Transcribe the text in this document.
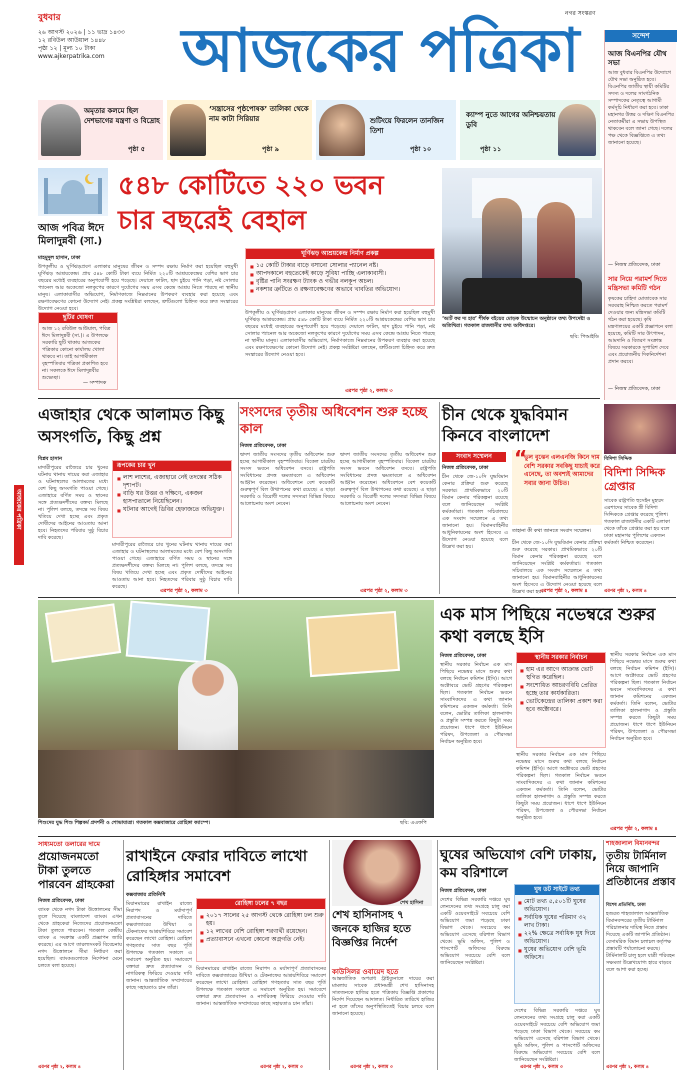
বুধবার
২৬ আগস্ট ২০২৬ | ১১ ভাদ্র ১৪৩৩
১২ রবিউল আউয়াল ১৪৪৮
পৃষ্ঠা ১২ | মূল্য ১০ টাকা
www.ajkerpatrika.com	আজকের পত্রিকা
নগর সংস্করণ
অমৃতার কলমে ছিল দেশভাগের যন্ত্রণা ও বিদ্রোহ
পৃষ্ঠা ৫
‘সন্ত্রাসের পৃষ্ঠপোষক’ তালিকা থেকে নাম কাটা সিরিয়ার
পৃষ্ঠা ৯
শুটিংয়ে ফিরলেন তানজিন তিশা
পৃষ্ঠা ১০
ক্যাম্প নুতে আগের অনিশ্চয়তায় ডুবি
পৃষ্ঠা ১১
সন্দেশ
আজ বিএনপির যৌথ সভা
আজ বুধবার বিএনপির উদ্যোগে যৌথ সভা অনুষ্ঠিত হবে। বিএনপির জাতীয় স্থায়ী কমিটির সদস্য ও দলের সাংগঠনিক সম্পাদকের নেতৃত্বে আগামী কর্মসূচি নির্ধারণ করা হবে। ঢাকা মহানগর উত্তর ও দক্ষিণ বিএনপির নেতাকর্মীরা এ সভায় উপস্থিত থাকবেন বলে জানা গেছে। দলের পক্ষ থেকে বিজ্ঞপ্তিতে এ তথ্য জানানো হয়েছে।
— নিজস্ব প্রতিবেদক, ঢাকা
সার নিয়ে পরামর্শ দিতে মন্ত্রিসভা কমিটি গঠন
কৃষকের চাহিদা মোতাবেক সার সরবরাহ নিশ্চিত করতে পরামর্শ দেওয়ার জন্য মন্ত্রিসভা কমিটি গঠন করা হয়েছে। কৃষি মন্ত্রণালয়ের একটি প্রজ্ঞাপনে বলা হয়েছে, কমিটি সার উৎপাদন, আমদানি ও বিতরণ সংক্রান্ত বিষয়ে সরকারকে সুপারিশ দেবে এবং প্রয়োজনীয় দিকনির্দেশনা প্রদান করবে।
— নিজস্ব প্রতিবেদক, ঢাকা
আজকের পত্রিকা
আজ পবিত্র ঈদে মিলাদুন্নবী (সা.)
৫৪৮ কোটিতে ২২০ ভবন
চার বছরেই বেহাল
ঘূর্ণিঝড় আশ্রয়কেন্দ্র নির্মাণ প্রকল্প
■ ১৫ কোটি টাকার বাড়ে বসানো সোলার প্যানেল নষ্ট।
■ আপদকালে বহুতেকেই কাড়ে সুবিধা পাচ্ছি এলাকাবাসী।
■ বৃষ্টির পানি সংরক্ষণ ট্যাংক ও গভীর নলকূপ অচল।
■ নকশার ত্রুটিতে ও রক্ষণাবেক্ষণের অভাবে খাবতির অভিযোগ।
মাহমুদুল হাসান, ঢাকা
উপকূলীয় ও ঘূর্ণিঝড়প্রবণ এলাকার মানুষের জীবন ও সম্পদ রক্ষায় নির্মাণ করা হয়েছিল বহুমুখী ঘূর্ণিঝড় আশ্রয়কেন্দ্র। প্রায় ৫৪৮ কোটি টাকা ব্যয়ে নির্মিত ২২০টি আশ্রয়কেন্দ্রের বেশির ভাগ চার বছরের মধ্যেই ব্যবহারের অনুপযোগী হয়ে পড়েছে। দেয়ালে ফাটল, ছাদ চুইয়ে পানি পড়া, নষ্ট সোলার প্যানেল আর অকেজো নলকূপের কারণে দুর্যোগের সময় এসব কেন্দ্রে আশ্রয় নিতে পারছে না স্থানীয় মানুষ। এলাকাবাসীর অভিযোগ, নির্মাণকাজে নিম্নমানের উপকরণ ব্যবহার করা হয়েছে এবং রক্ষণাবেক্ষণের কোনো উদ্যোগ নেই। প্রকল্প সংশ্লিষ্টরা বলছেন, ত্রুটিগুলো চিহ্নিত করে দ্রুত সংস্কারের উদ্যোগ নেওয়া হবে।
উপকূলীয় ও ঘূর্ণিঝড়প্রবণ এলাকার মানুষের জীবন ও সম্পদ রক্ষায় নির্মাণ করা হয়েছিল বহুমুখী ঘূর্ণিঝড় আশ্রয়কেন্দ্র। প্রায় ৫৪৮ কোটি টাকা ব্যয়ে নির্মিত ২২০টি আশ্রয়কেন্দ্রের বেশির ভাগ চার বছরের মধ্যেই ব্যবহারের অনুপযোগী হয়ে পড়েছে। দেয়ালে ফাটল, ছাদ চুইয়ে পানি পড়া, নষ্ট সোলার প্যানেল আর অকেজো নলকূপের কারণে দুর্যোগের সময় এসব কেন্দ্রে আশ্রয় নিতে পারছে না স্থানীয় মানুষ। এলাকাবাসীর অভিযোগ, নির্মাণকাজে নিম্নমানের উপকরণ ব্যবহার করা হয়েছে এবং রক্ষণাবেক্ষণের কোনো উদ্যোগ নেই। প্রকল্প সংশ্লিষ্টরা বলছেন, ত্রুটিগুলো চিহ্নিত করে দ্রুত সংস্কারের উদ্যোগ নেওয়া হবে।
এরপর পৃষ্ঠা ২, কলাম ৩
ছুটির ঘোষণা
আজ ১২ রবিউল আউয়াল, পবিত্র ঈদে মিলাদুন্নবী (সা.)। এ উপলক্ষে সরকারি ছুটি থাকায় আজকের পত্রিকার কোনো কার্যালয় খোলা থাকবে না। তাই আগামীকাল বৃহস্পতিবার পত্রিকা প্রকাশিত হবে না। সকলকে ঈদে মিলাদুন্নবীর শুভেচ্ছা।
— সম্পাদক
‘আর্ট ফর দ্য হার’ শীর্ষক বইয়ের মোড়ক উন্মোচন অনুষ্ঠানে তথ্য উপদেষ্টা ও অতিথিরা। গতকাল রাজধানীর তথ্য অধিদপ্তরে।
ছবি: পিআইডি
বিদিশা সিদ্দিক
এজাহার থেকে আলামত কিছু অসংগতি, কিছু প্রশ্ন
বিপ্লব হাসান
মাদারীপুরের রাজৈরে চার খুনের ঘটনায় থানায় দায়ের করা এজাহার ও ঘটনাস্থলের আলামতের মধ্যে বেশ কিছু অসংগতি পাওয়া গেছে। এজাহারে বর্ণিত সময় ও স্থানের সঙ্গে প্রত্যক্ষদর্শীদের বক্তব্য মিলছে না। পুলিশ বলছে, তদন্তে সব বিষয় খতিয়ে দেখা হচ্ছে এবং প্রকৃত দোষীদের আইনের আওতায় আনা হবে। নিহতদের পরিবার সুষ্ঠু বিচার দাবি করেছে।
রূপকের চার খুন
■ লাশ লাশের, এজাহারে নেই তদন্তের সঠিক দৃশ্যপট।
■ বাড়ি ঘর উত্তর ও দক্ষিণে, একজন হাসপাতালে নিয়েছিলেন।
■ ঘটনার আগেই ডিবির হেফাজতে অভিযুক্ত।
মাদারীপুরের রাজৈরে চার খুনের ঘটনায় থানায় দায়ের করা এজাহার ও ঘটনাস্থলের আলামতের মধ্যে বেশ কিছু অসংগতি পাওয়া গেছে। এজাহারে বর্ণিত সময় ও স্থানের সঙ্গে প্রত্যক্ষদর্শীদের বক্তব্য মিলছে না। পুলিশ বলছে, তদন্তে সব বিষয় খতিয়ে দেখা হচ্ছে এবং প্রকৃত দোষীদের আইনের আওতায় আনা হবে। নিহতদের পরিবার সুষ্ঠু বিচার দাবি করেছে।
এরপর পৃষ্ঠা ২, কলাম ৩
সংসদের তৃতীয় অধিবেশন শুরু হচ্ছে কাল
নিজস্ব প্রতিবেদক, ঢাকা
দ্বাদশ জাতীয় সংসদের তৃতীয় অধিবেশন শুরু হচ্ছে আগামীকাল বৃহস্পতিবার। বিকেল চারটায় সংসদ ভবনে অধিবেশন বসবে। রাষ্ট্রপতি সংবিধানের প্রদত্ত ক্ষমতাবলে এ অধিবেশন আহ্বান করেছেন। অধিবেশনে বেশ কয়েকটি গুরুত্বপূর্ণ বিল উত্থাপনের কথা রয়েছে। এ ছাড়া সরকারি ও বিরোধী দলের সদস্যরা বিভিন্ন বিষয়ে আলোচনায় অংশ নেবেন।
দ্বাদশ জাতীয় সংসদের তৃতীয় অধিবেশন শুরু হচ্ছে আগামীকাল বৃহস্পতিবার। বিকেল চারটায় সংসদ ভবনে অধিবেশন বসবে। রাষ্ট্রপতি সংবিধানের প্রদত্ত ক্ষমতাবলে এ অধিবেশন আহ্বান করেছেন। অধিবেশনে বেশ কয়েকটি গুরুত্বপূর্ণ বিল উত্থাপনের কথা রয়েছে। এ ছাড়া সরকারি ও বিরোধী দলের সদস্যরা বিভিন্ন বিষয়ে আলোচনায় অংশ নেবেন।
এরপর পৃষ্ঠা ২, কলাম ৩
চীন থেকে যুদ্ধবিমান কিনবে বাংলাদেশ
সংবাদ সম্মেলন
নিজস্ব প্রতিবেদক, ঢাকা
চীন থেকে জে-১০সি যুদ্ধবিমান কেনার প্রক্রিয়া শুরু করেছে সরকার। প্রাথমিকভাবে ২০টি বিমান কেনার পরিকল্পনা রয়েছে বলে জানিয়েছেন সংশ্লিষ্ট কর্মকর্তারা। গতকাল সচিবালয়ে এক সংবাদ সম্মেলনে এ তথ্য জানানো হয়। বিমানবাহিনীর আধুনিকায়নের অংশ হিসেবে এ উদ্যোগ নেওয়া হয়েছে বলে উল্লেখ করা হয়।
“
ভুল বুঝেন এলএনজি কিনে দাম বেশি সরকার সবকিছু যাচাই করে এনেছে, তা অবশ্যই আমাদের সবার জানা উচিত।
তাহানা কী কথা জানতে সংবাদ সম্মেলন।
চীন থেকে জে-১০সি যুদ্ধবিমান কেনার প্রক্রিয়া শুরু করেছে সরকার। প্রাথমিকভাবে ২০টি বিমান কেনার পরিকল্পনা রয়েছে বলে জানিয়েছেন সংশ্লিষ্ট কর্মকর্তারা। গতকাল সচিবালয়ে এক সংবাদ সম্মেলনে এ তথ্য জানানো হয়। বিমানবাহিনীর আধুনিকায়নের অংশ হিসেবে এ উদ্যোগ নেওয়া হয়েছে বলে উল্লেখ করা হয়।
এরপর পৃষ্ঠা ২, কলাম ৪
বিদিশা সিদ্দিক গ্রেপ্তার
সাবেক রাষ্ট্রপতি হুসেইন মুহম্মদ এরশাদের সাবেক স্ত্রী বিদিশা সিদ্দিককে গ্রেপ্তার করেছে পুলিশ। গতকাল রাজধানীর একটি এলাকা থেকে তাঁকে গ্রেপ্তার করা হয় বলে ঢাকা মহানগর পুলিশের একজন কর্মকর্তা নিশ্চিত করেছেন।
এরপর পৃষ্ঠা ২, কলাম ৪
শিশুদের যুদ্ধ শিশু শিল্পকর্ম প্রদর্শনী ও শোভাযাত্রা। গতকাল কক্সবাজারে রোহিঙ্গা ক্যাম্পে।	ছবি: এএফপি
এক মাস পিছিয়ে নভেম্বরে শুরুর কথা বলছে ইসি
নিজস্ব প্রতিবেদক, ঢাকা
স্থানীয় সরকার নির্বাচন এক মাস পিছিয়ে নভেম্বর মাসে শুরুর কথা বলছে নির্বাচন কমিশন (ইসি)। আগে অক্টোবরে ভোট গ্রহণের পরিকল্পনা ছিল। গতকাল নির্বাচন ভবনে সাংবাদিকদের এ কথা জানান কমিশনের একজন কর্মকর্তা। তিনি বলেন, ভোটার তালিকা হালনাগাদ ও প্রস্তুতি সম্পন্ন করতে কিছুটা সময় প্রয়োজন। ধাপে ধাপে ইউনিয়ন পরিষদ, উপজেলা ও পৌরসভা নির্বাচন অনুষ্ঠিত হবে।
স্থানীয় সরকার নির্বাচন
■ হাম এর আগে আক্রান্ত ভোট স্থগিত করেছিল।
■ সংশোধিত আচরণবিধি প্রেরিত হচ্ছে তার কার্যকারিতা।
■ ভোটকেন্দ্রের তালিকা প্রকাশ করা হবে অক্টোবরে।
স্থানীয় সরকার নির্বাচন এক মাস পিছিয়ে নভেম্বর মাসে শুরুর কথা বলছে নির্বাচন কমিশন (ইসি)। আগে অক্টোবরে ভোট গ্রহণের পরিকল্পনা ছিল। গতকাল নির্বাচন ভবনে সাংবাদিকদের এ কথা জানান কমিশনের একজন কর্মকর্তা। তিনি বলেন, ভোটার তালিকা হালনাগাদ ও প্রস্তুতি সম্পন্ন করতে কিছুটা সময় প্রয়োজন। ধাপে ধাপে ইউনিয়ন পরিষদ, উপজেলা ও পৌরসভা নির্বাচন অনুষ্ঠিত হবে।
স্থানীয় সরকার নির্বাচন এক মাস পিছিয়ে নভেম্বর মাসে শুরুর কথা বলছে নির্বাচন কমিশন (ইসি)। আগে অক্টোবরে ভোট গ্রহণের পরিকল্পনা ছিল। গতকাল নির্বাচন ভবনে সাংবাদিকদের এ কথা জানান কমিশনের একজন কর্মকর্তা। তিনি বলেন, ভোটার তালিকা হালনাগাদ ও প্রস্তুতি সম্পন্ন করতে কিছুটা সময় প্রয়োজন। ধাপে ধাপে ইউনিয়ন পরিষদ, উপজেলা ও পৌরসভা নির্বাচন অনুষ্ঠিত হবে।
এরপর পৃষ্ঠা ২, কলাম ৪
সাধ্যমতো ডলারের দামে
প্রয়োজনমতো টাকা তুলতে পারবেন গ্রাহকেরা
নিজস্ব প্রতিবেদক, ঢাকা
ব্যাংক থেকে নগদ টাকা উত্তোলনের সীমা তুলে দিয়েছে বাংলাদেশ ব্যাংক। এখন থেকে গ্রাহকেরা নিজেদের প্রয়োজনমতো টাকা তুলতে পারবেন। গতকাল কেন্দ্রীয় ব্যাংক এ সংক্রান্ত একটি প্রজ্ঞাপন জারি করেছে। এর আগে তারল্যসংকট বিবেচনায় নগদ উত্তোলনে সীমা নির্ধারণ করা হয়েছিল। ব্যাংকগুলোকে নির্দেশনা মেনে চলতে বলা হয়েছে।
এরপর পৃষ্ঠা ২, কলাম ৪
রাখাইনে ফেরার দাবিতে লাখো রোহিঙ্গার সমাবেশ
কক্সবাজার প্রতিনিধি
মিয়ানমারের রাখাইন রাজ্যে নিরাপদ ও মর্যাদাপূর্ণ প্রত্যাবাসনের দাবিতে কক্সবাজারের উখিয়া ও টেকনাফের আশ্রয়শিবিরে সমাবেশ করেছেন লাখো রোহিঙ্গা। রোহিঙ্গা গণহত্যার সাত বছর পূর্তি উপলক্ষে গতকাল সকালে এ সমাবেশ অনুষ্ঠিত হয়। সমাবেশে বক্তারা দ্রুত প্রত্যাবাসন ও নাগরিকত্ব ফিরিয়ে দেওয়ার দাবি জানান। আন্তর্জাতিক সম্প্রদায়ের কাছে সহায়তাও চান তাঁরা।
রোহিঙ্গা ঢলের ৭ বছর
■ ২০১৭ সালের ২৫ আগস্ট থেকে রোহিঙ্গা ঢল শুরু হয়।
■ ১২ লাখের বেশি রোহিঙ্গা শরণার্থী রয়েছেন।
■ প্রত্যাবাসনে এখনো কোনো অগ্রগতি নেই।
মিয়ানমারের রাখাইন রাজ্যে নিরাপদ ও মর্যাদাপূর্ণ প্রত্যাবাসনের দাবিতে কক্সবাজারের উখিয়া ও টেকনাফের আশ্রয়শিবিরে সমাবেশ করেছেন লাখো রোহিঙ্গা। রোহিঙ্গা গণহত্যার সাত বছর পূর্তি উপলক্ষে গতকাল সকালে এ সমাবেশ অনুষ্ঠিত হয়। সমাবেশে বক্তারা দ্রুত প্রত্যাবাসন ও নাগরিকত্ব ফিরিয়ে দেওয়ার দাবি জানান। আন্তর্জাতিক সম্প্রদায়ের কাছে সহায়তাও চান তাঁরা।
এরপর পৃষ্ঠা ২, কলাম ৩
শেখ হাসিনা
শেখ হাসিনাসহ ৭ জনকে হাজির হতে বিজ্ঞপ্তির নির্দেশ
কাউসিলর ওবায়েদ হতে
আন্তর্জাতিক অপরাধ ট্রাইব্যুনালে দায়ের করা মামলায় সাবেক প্রধানমন্ত্রী শেখ হাসিনাসহ সাতজনকে হাজির হতে পত্রিকায় বিজ্ঞপ্তি প্রকাশের নির্দেশ দিয়েছেন আদালত। নির্ধারিত তারিখে হাজির না হলে তাঁদের অনুপস্থিতিতেই বিচার চলবে বলে জানানো হয়েছে।
এরপর পৃষ্ঠা ২, কলাম ৩
ঘুষের অভিযোগ বেশি ঢাকায়, কম বরিশালে
নিজস্ব প্রতিবেদক, ঢাকা
দেশের বিভিন্ন সরকারি দপ্তরে ঘুষ লেনদেনের তথ্য সংগ্রহে চালু করা একটি ওয়েবসাইটে সবচেয়ে বেশি অভিযোগ জমা পড়েছে ঢাকা বিভাগ থেকে। সবচেয়ে কম অভিযোগ এসেছে বরিশাল বিভাগ থেকে। ভূমি অফিস, পুলিশ ও পাসপোর্ট অফিসের বিরুদ্ধে অভিযোগ সবচেয়ে বেশি বলে জানিয়েছেন সংশ্লিষ্টরা।
ঘুষ ডট সাইটে তথ্য
■ মোট তথ্য ৫,৫০১টি ঘুষের অভিযোগ।
■ সর্বাধিক ঘুষের পরিমাণ ৩২ লাখ টাকা।
■ ২২% ক্ষেত্রে সর্বাধিক ঘুষ দিয়ে অভিযোগ।
■ ঘুষের অভিযোগ বেশি ভূমি অফিসে।
দেশের বিভিন্ন সরকারি দপ্তরে ঘুষ লেনদেনের তথ্য সংগ্রহে চালু করা একটি ওয়েবসাইটে সবচেয়ে বেশি অভিযোগ জমা পড়েছে ঢাকা বিভাগ থেকে। সবচেয়ে কম অভিযোগ এসেছে বরিশাল বিভাগ থেকে। ভূমি অফিস, পুলিশ ও পাসপোর্ট অফিসের বিরুদ্ধে অভিযোগ সবচেয়ে বেশি বলে জানিয়েছেন সংশ্লিষ্টরা।
এরপর পৃষ্ঠা ২, কলাম ৩
শাহজালাল বিমানবন্দর
তৃতীয় টার্মিনাল নিয়ে জাপানি প্রতিষ্ঠানের প্রস্তাব
বিশেষ প্রতিনিধি, ঢাকা
হজরত শাহজালাল আন্তর্জাতিক বিমানবন্দরের তৃতীয় টার্মিনাল পরিচালনার দায়িত্ব নিতে প্রস্তাব দিয়েছে একটি জাপানি প্রতিষ্ঠান। বেসামরিক বিমান চলাচল কর্তৃপক্ষ প্রস্তাবটি পর্যালোচনা করছে। টার্মিনালটি চালু হলে যাত্রী পরিবহন সক্ষমতা উল্লেখযোগ্য হারে বাড়বে বলে আশা করা হচ্ছে।
এরপর পৃষ্ঠা ২, কলাম ৪
